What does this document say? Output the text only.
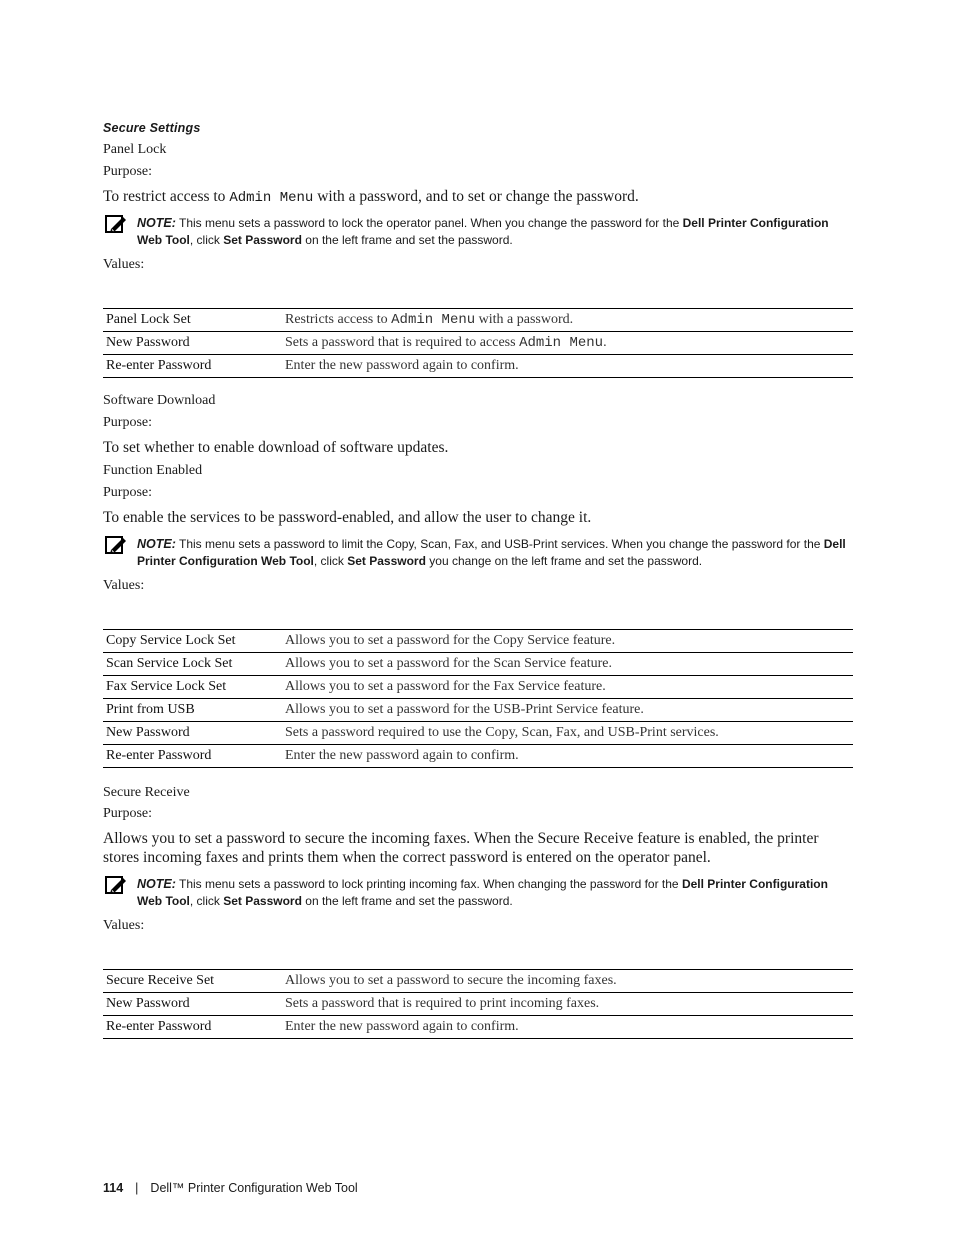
Secure Settings
Panel Lock
Purpose:
To restrict access to Admin Menu with a password, and to set or change the password.
NOTE: This menu sets a password to lock the operator panel. When you change the password for the Dell Printer Configuration Web Tool, click Set Password on the left frame and set the password.
Values:
Panel Lock Set	Restricts access to Admin Menu with a password.
New Password	Sets a password that is required to access Admin Menu.
Re-enter Password	Enter the new password again to confirm.
Software Download
Purpose:
To set whether to enable download of software updates.
Function Enabled
Purpose:
To enable the services to be password-enabled, and allow the user to change it.
NOTE: This menu sets a password to limit the Copy, Scan, Fax, and USB-Print services. When you change the password for the Dell Printer Configuration Web Tool, click Set Password you change on the left frame and set the password.
Values:
Copy Service Lock Set	Allows you to set a password for the Copy Service feature.
Scan Service Lock Set	Allows you to set a password for the Scan Service feature.
Fax Service Lock Set	Allows you to set a password for the Fax Service feature.
Print from USB	Allows you to set a password for the USB-Print Service feature.
New Password	Sets a password required to use the Copy, Scan, Fax, and USB-Print services.
Re-enter Password	Enter the new password again to confirm.
Secure Receive
Purpose:
Allows you to set a password to secure the incoming faxes. When the Secure Receive feature is enabled, the printer stores incoming faxes and prints them when the correct password is entered on the operator panel.
NOTE: This menu sets a password to lock printing incoming fax. When changing the password for the Dell Printer Configuration Web Tool, click Set Password on the left frame and set the password.
Values:
Secure Receive Set	Allows you to set a password to secure the incoming faxes.
New Password	Sets a password that is required to print incoming faxes.
Re-enter Password	Enter the new password again to confirm.
114 | Dell™ Printer Configuration Web Tool
